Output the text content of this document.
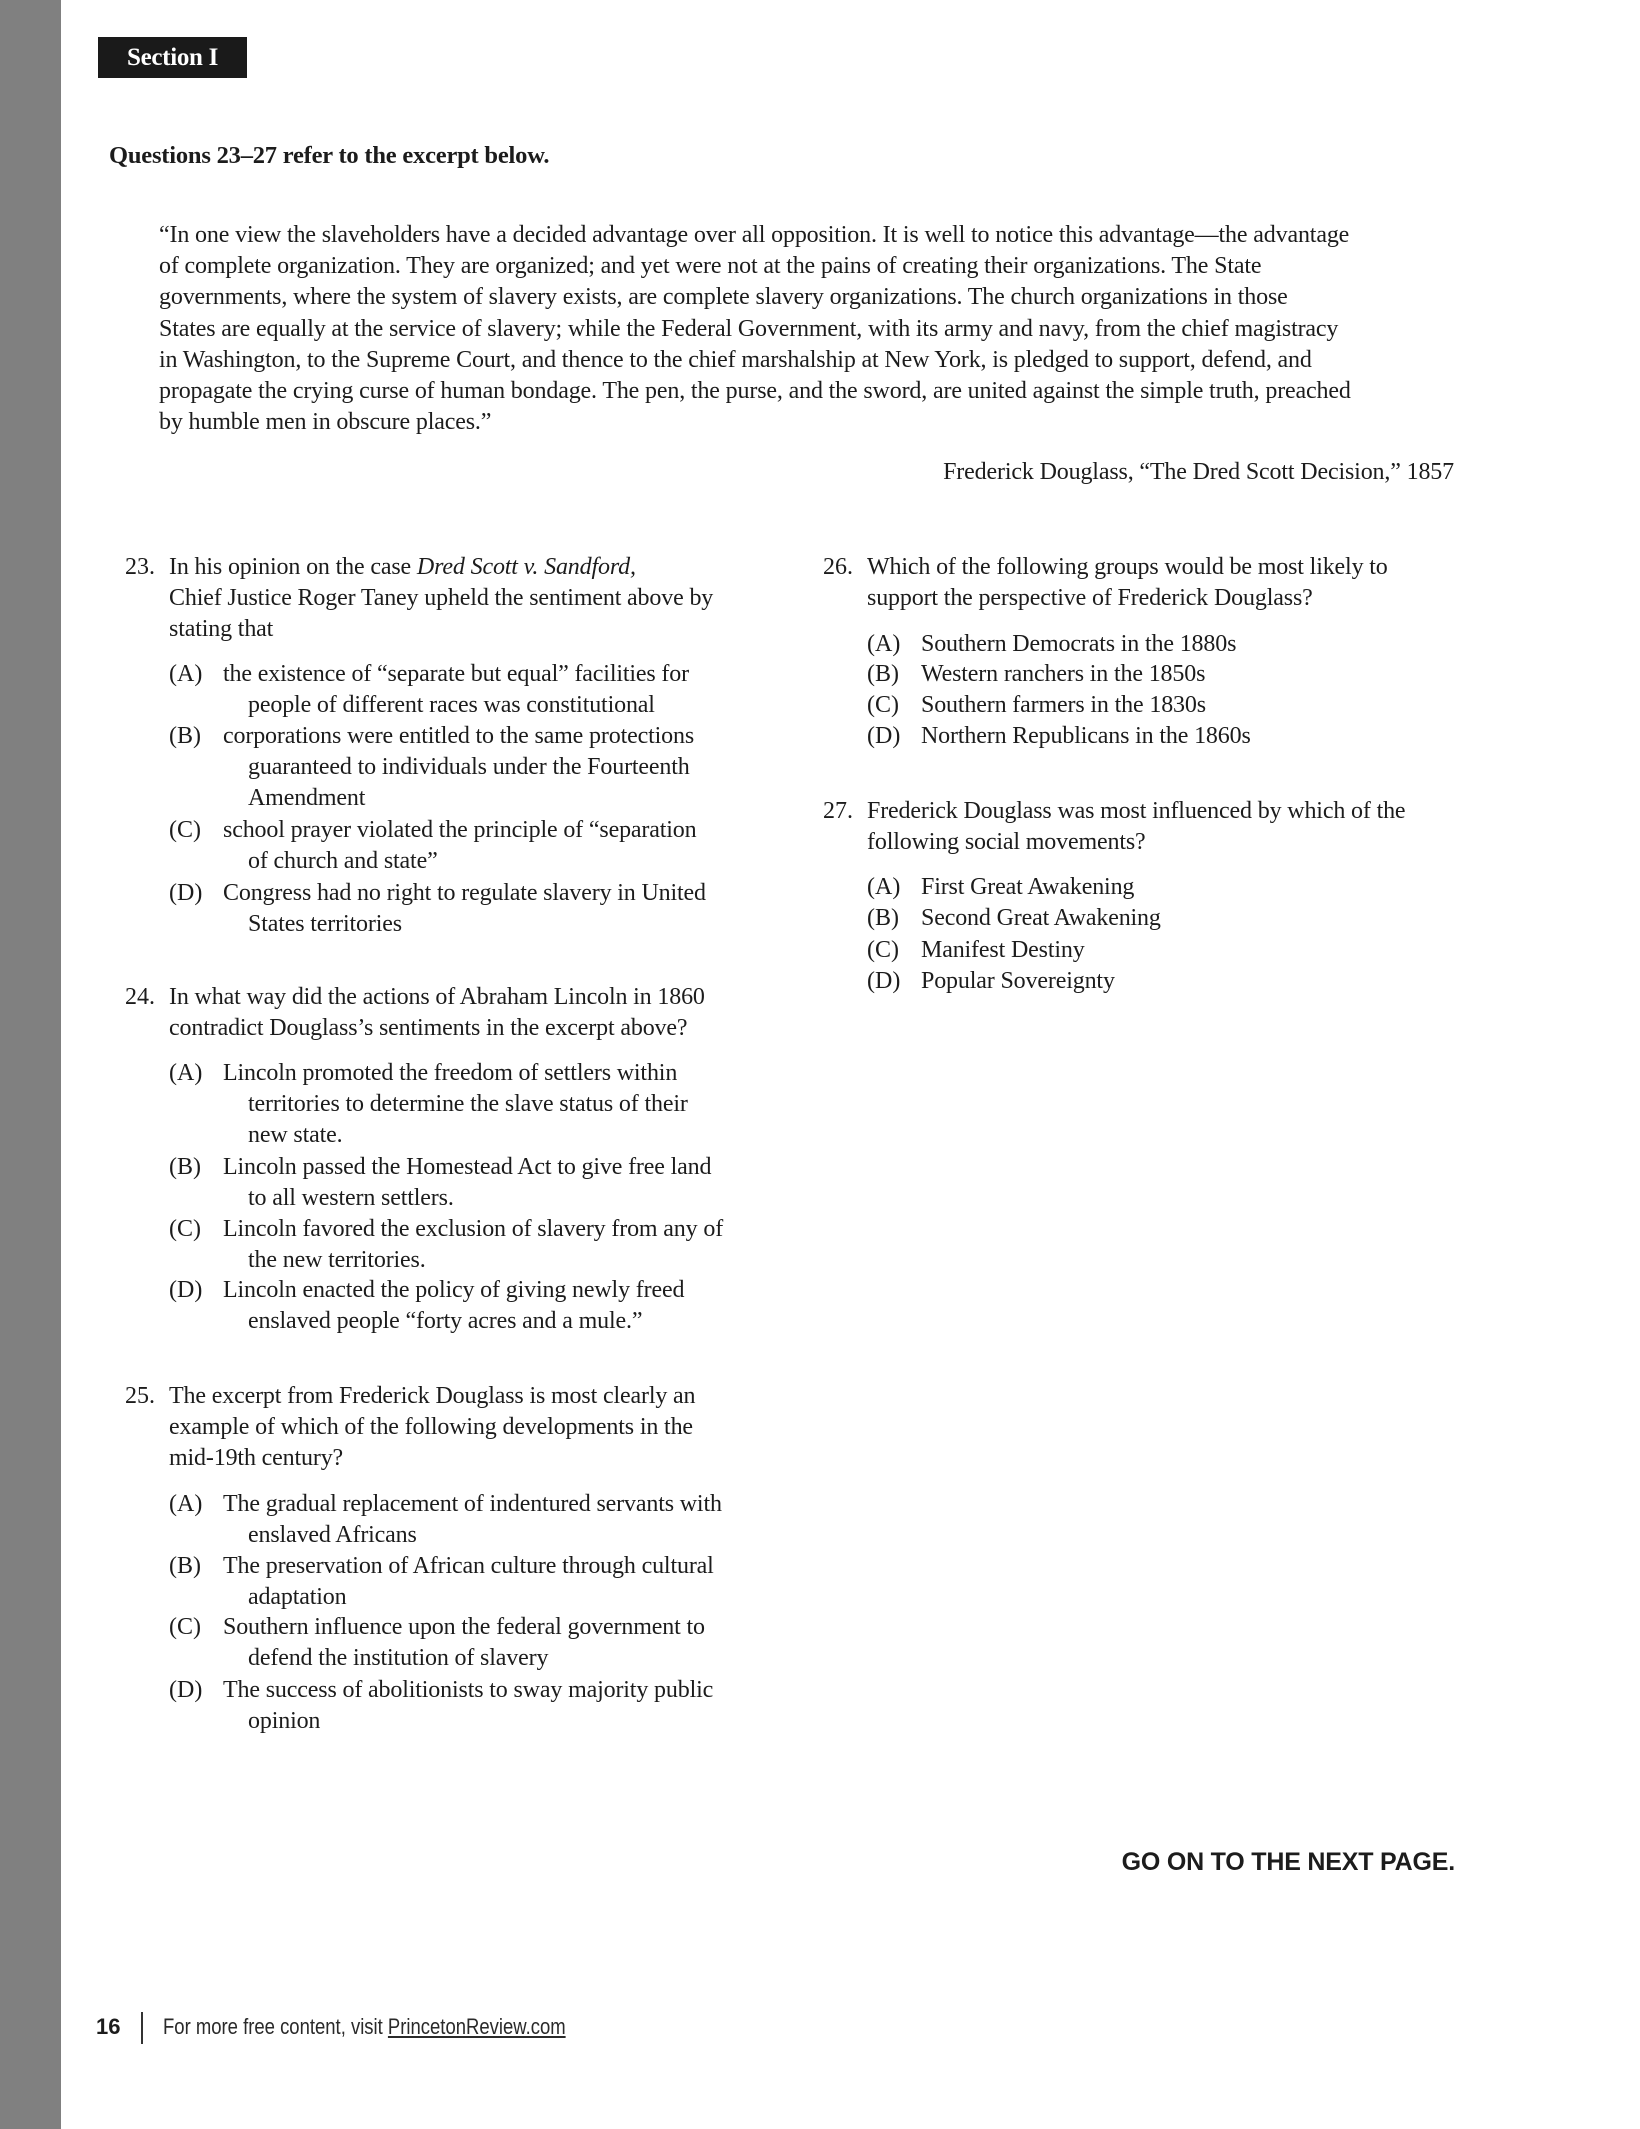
Section I
Questions 23–27 refer to the excerpt below.
“In one view the slaveholders have a decided advantage over all opposition. It is well to notice this advantage—the advantage
of complete organization. They are organized; and yet were not at the pains of creating their organizations. The State
governments, where the system of slavery exists, are complete slavery organizations. The church organizations in those
States are equally at the service of slavery; while the Federal Government, with its army and navy, from the chief magistracy
in Washington, to the Supreme Court, and thence to the chief marshalship at New York, is pledged to support, defend, and
propagate the crying curse of human bondage. The pen, the purse, and the sword, are united against the simple truth, preached
by humble men in obscure places.”
Frederick Douglass, “The Dred Scott Decision,” 1857
23. In his opinion on the case Dred Scott v. Sandford,
Chief Justice Roger Taney upheld the sentiment above by
stating that
(A) the existence of “separate but equal” facilities for
people of different races was constitutional
(B) corporations were entitled to the same protections
guaranteed to individuals under the Fourteenth
Amendment
(C) school prayer violated the principle of “separation
of church and state”
(D) Congress had no right to regulate slavery in United
States territories
24. In what way did the actions of Abraham Lincoln in 1860
contradict Douglass’s sentiments in the excerpt above?
(A) Lincoln promoted the freedom of settlers within
territories to determine the slave status of their
new state.
(B) Lincoln passed the Homestead Act to give free land
to all western settlers.
(C) Lincoln favored the exclusion of slavery from any of
the new territories.
(D) Lincoln enacted the policy of giving newly freed
enslaved people “forty acres and a mule.”
25. The excerpt from Frederick Douglass is most clearly an
example of which of the following developments in the
mid-19th century?
(A) The gradual replacement of indentured servants with
enslaved Africans
(B) The preservation of African culture through cultural
adaptation
(C) Southern influence upon the federal government to
defend the institution of slavery
(D) The success of abolitionists to sway majority public
opinion
26. Which of the following groups would be most likely to
support the perspective of Frederick Douglass?
(A) Southern Democrats in the 1880s
(B) Western ranchers in the 1850s
(C) Southern farmers in the 1830s
(D) Northern Republicans in the 1860s
27. Frederick Douglass was most influenced by which of the
following social movements?
(A) First Great Awakening
(B) Second Great Awakening
(C) Manifest Destiny
(D) Popular Sovereignty
GO ON TO THE NEXT PAGE.
16 For more free content, visit PrincetonReview.com
